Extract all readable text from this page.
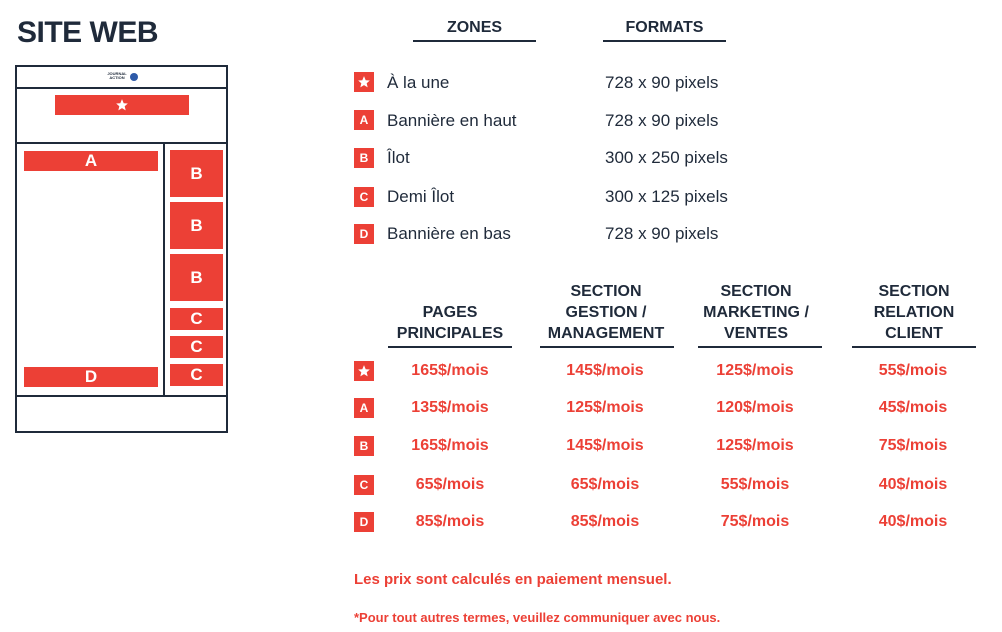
SITE WEB
JOURNAL ACTION
A
B
B
B
C
C
C
D
ZONES	FORMATS
À la une	728 x 90 pixels
A	Bannière en haut	728 x 90 pixels
B	Îlot	300 x 250 pixels
C	Demi Îlot	300 x 125 pixels
D	Bannière en bas	728 x 90 pixels
PAGES
PRINCIPALES
SECTION
GESTION /
MANAGEMENT
SECTION
MARKETING /
VENTES
SECTION
RELATION
CLIENT
165$/mois	145$/mois	125$/mois	55$/mois
A	135$/mois	125$/mois	120$/mois	45$/mois
B	165$/mois	145$/mois	125$/mois	75$/mois
C	65$/mois	65$/mois	55$/mois	40$/mois
D	85$/mois	85$/mois	75$/mois	40$/mois
Les prix sont calculés en paiement mensuel.
*Pour tout autres termes, veuillez communiquer avec nous.
